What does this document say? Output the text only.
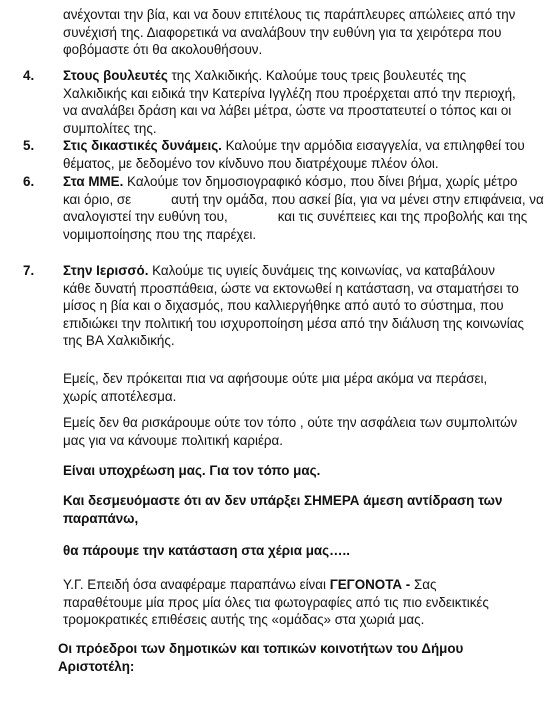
ανέχονται την βία, και να δουν επιτέλους τις παράπλευρες απώλειες από την
συνέχισή της. Διαφορετικά να αναλάβουν την ευθύνη για τα χειρότερα που
φοβόμαστε ότι θα ακολουθήσουν.
4. Στους βουλευτές της Χαλκιδικής. Καλούμε τους τρεις βουλευτές της
Χαλκιδικής και ειδικά την Κατερίνα Ιγγλέζη που προέρχεται από την περιοχή,
να αναλάβει δράση και να λάβει μέτρα, ώστε να προστατευτεί ο τόπος και οι
συμπολίτες της.
5. Στις δικαστικές δυνάμεις. Καλούμε την αρμόδια εισαγγελία, να επιληφθεί του
θέματος, με δεδομένο τον κίνδυνο που διατρέχουμε πλέον όλοι.
6. Στα ΜΜΕ. Καλούμε τον δημοσιογραφικό κόσμο, που δίνει βήμα, χωρίς μέτρο
και όριο, σε	αυτή την ομάδα, που ασκεί βία, για να μένει στην επιφάνεια, να
αναλογιστεί την ευθύνη του,	και τις συνέπειες και της προβολής και της
νομιμοποίησης που της παρέχει.
7. Στην Ιερισσό. Καλούμε τις υγιείς δυνάμεις της κοινωνίας, να καταβάλουν
κάθε δυνατή προσπάθεια, ώστε να εκτονωθεί η κατάσταση, να σταματήσει το
μίσος η βία και ο διχασμός, που καλλιεργήθηκε από αυτό το σύστημα, που
επιδιώκει την πολιτική του ισχυροποίηση μέσα από την διάλυση της κοινωνίας
της ΒΑ Χαλκιδικής.
Εμείς, δεν πρόκειται πια να αφήσουμε ούτε μια μέρα ακόμα να περάσει,
χωρίς αποτέλεσμα.
Εμείς δεν θα ρισκάρουμε ούτε τον τόπο , ούτε την ασφάλεια των συμπολιτών
μας για να κάνουμε πολιτική καριέρα.
Είναι υποχρέωση μας. Για τον τόπο μας.
Και δεσμευόμαστε ότι αν δεν υπάρξει ΣΗΜΕΡΑ άμεση αντίδραση των
παραπάνω,
θα πάρουμε την κατάσταση στα χέρια μας…..
Υ.Γ. Επειδή όσα αναφέραμε παραπάνω είναι ΓΕΓΟΝΟΤΑ - Σας
παραθέτουμε μία προς μία όλες τια φωτογραφίες από τις πιο ενδεικτικές
τρομοκρατικές επιθέσεις αυτής της «ομάδας» στα χωριά μας.
Οι πρόεδροι των δημοτικών και τοπικών κοινοτήτων του Δήμου
Αριστοτέλη:
